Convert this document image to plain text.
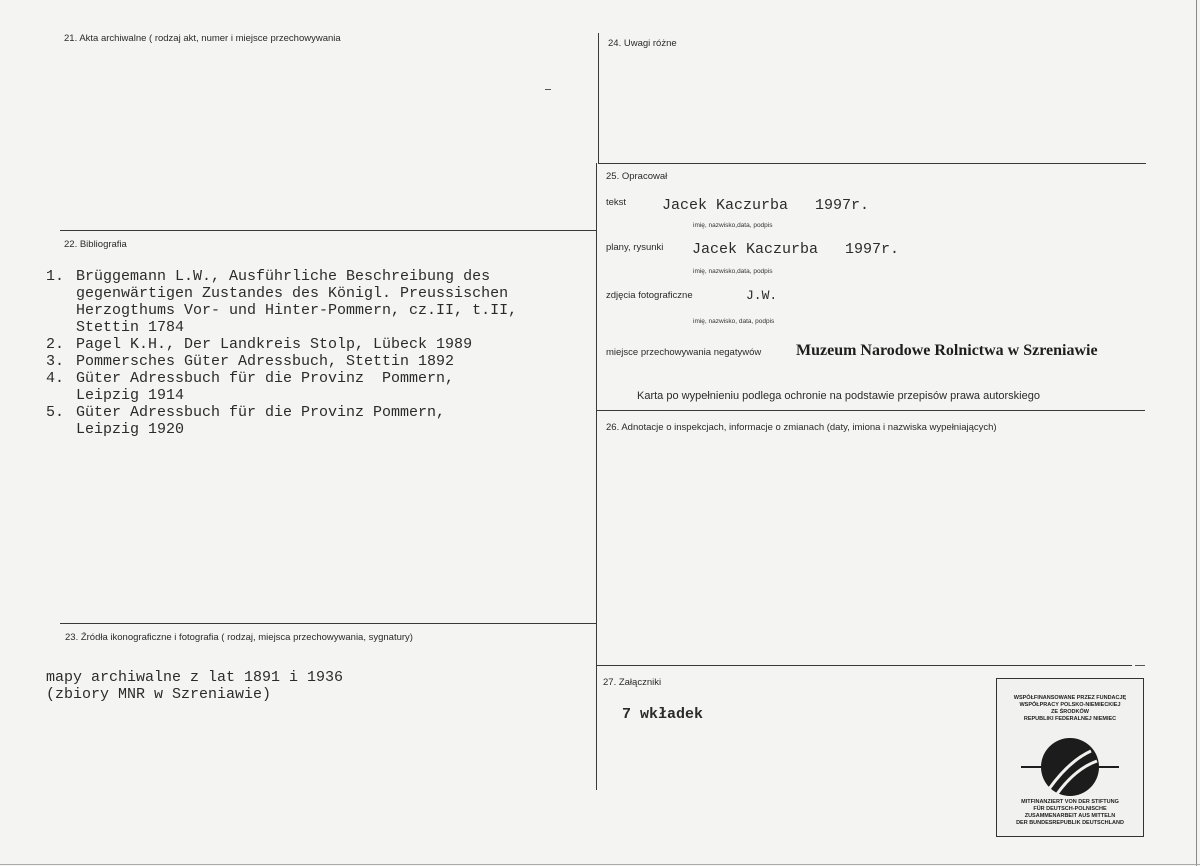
21. Akta archiwalne ( rodzaj akt, numer i miejsce przechowywania	24. Uwagi różne
22. Bibliografia
25. Opracował
26. Adnotacje o inspekcjach, informacje o zmianach (daty, imiona i nazwiska wypełniających)
23. Źródła ikonograficzne i fotografia ( rodzaj, miejsca przechowywania, sygnatury)
27. Załączniki
1. Brüggemann L.W., Ausführliche Beschreibung des
gegenwärtigen Zustandes des Königl. Preussischen
Herzogthums Vor- und Hinter-Pommern, cz.II, t.II,
Stettin 1784
2. Pagel K.H., Der Landkreis Stolp, Lübeck 1989
3. Pommersches Güter Adressbuch, Stettin 1892
4. Güter Adressbuch für die Provinz  Pommern,
Leipzig 1914
5. Güter Adressbuch für die Provinz Pommern,
Leipzig 1920
mapy archiwalne z lat 1891 i 1936
(zbiory MNR w Szreniawie)
tekst Jacek Kaczurba   1997r.
imię, nazwisko,data, podpis
plany, rysunki Jacek Kaczurba   1997r.
imię, nazwisko,data, podpis
zdjęcia fotograficzne	J.W.
imię, nazwisko, data, podpis
miejsce przechowywania negatywów Muzeum Narodowe Rolnictwa w Szreniawie
Karta po wypełnieniu podlega ochronie na podstawie przepisów prawa autorskiego
7 wkładek
WSPÓŁFINANSOWANE PRZEZ FUNDACJĘ
WSPÓŁPRACY POLSKO-NIEMIECKIEJ
ZE ŚRODKÓW
REPUBLIKI FEDERALNEJ NIEMIEC
MITFINANZIERT VON DER STIFTUNG
FÜR DEUTSCH-POLNISCHE
ZUSAMMENARBEIT AUS MITTELN
DER BUNDESREPUBLIK DEUTSCHLAND
